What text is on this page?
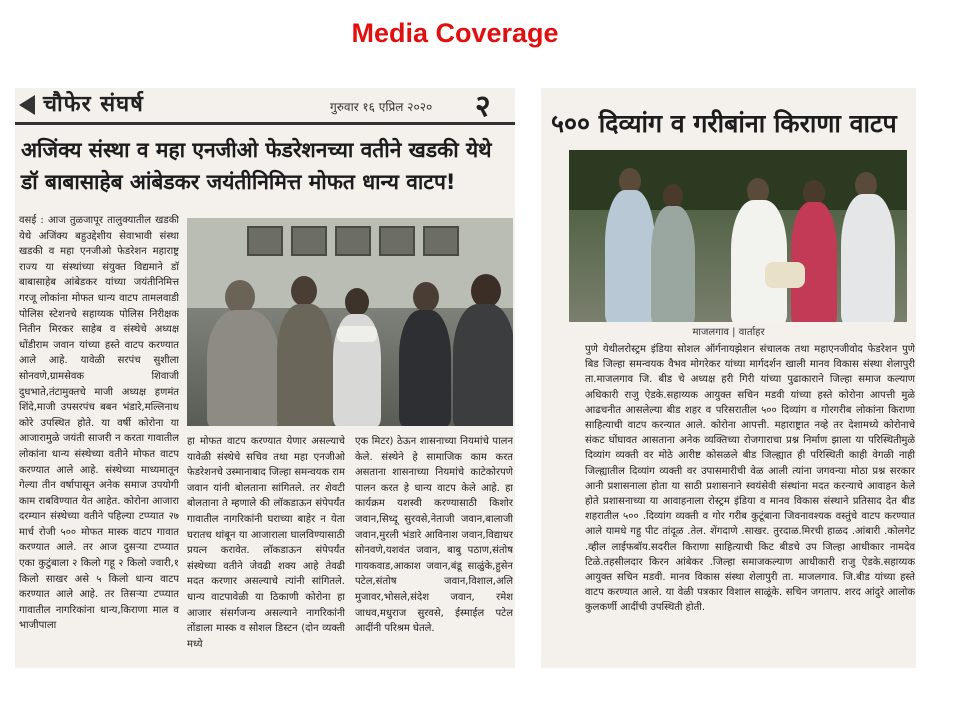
Media Coverage
चौफेर संघर्ष	गुरुवार १६ एप्रिल २०२० २
अजिंक्य संस्था व महा एनजीओ फेडरेशनच्या वतीने खडकी येथे
डॉ बाबासाहेब आंबेडकर जयंतीनिमित्त मोफत धान्य वाटप!
वसई : आज तुळजापूर तालुक्यातील खडकी येथे अजिंक्य बहुउद्देशीय सेवाभावी संस्था खडकी व महा एनजीओ फेडरेशन महाराष्ट्र राज्य या संस्थांच्या संयुक्त विद्यमाने डॉ बाबासाहेब आंबेडकर यांच्या जयंतीनिमित्त गरजू लोकांना मोफत धान्य वाटप तामलवाडी पोलिस स्टेशनचे सहाय्यक पोलिस निरीक्षक नितीन मिरकर साहेब व संस्थेचे अध्यक्ष धोंडीराम जवान यांच्या हस्ते वाटप करण्यात आले आहे. यावेळी सरपंच सुशीला सोनवणे,ग्रामसेवक शिवाजी दुधभाते,तंटामुक्तचे माजी अध्यक्ष हणमंत शिंदे,माजी उपसरपंच बबन भंडारे,मल्लिनाथ कोरे उपस्थित होते. या वर्षी कोरोना या आजारामुळे जयंती साजरी न करता गावातील लोकांना धान्य संस्थेच्या वतीने मोफत वाटप करण्यात आले आहे. संस्थेच्या माध्यमातून गेल्या तीन वर्षापासून अनेक समाज उपयोगी काम राबविण्यात येत आहेत. कोरोना आजारा दरम्यान संस्थेच्या वतीने पहिल्या टप्प्यात २७ मार्च रोजी ५०० मोफत मास्क वाटप गावात करण्यात आले. तर आज दुसर्‍या टप्प्यात एका कुटुंबाला २ किलो गहू २ किलो ज्वारी,१ किलो साखर असे ५ किलो धान्य वाटप करण्यात आले आहे. तर तिसर्‍या टप्प्यात गावातील नागरिकांना धान्य,किराणा माल व भाजीपाला
हा मोफत वाटप करण्यात येणार असल्याचे यावेळी संस्थेचे सचिव तथा महा एनजीओ फेडरेशनचे उस्मानाबाद जिल्हा समन्वयक राम जवान यांनी बोलताना सांगितले. तर शेवटी बोलताना ते म्हणाले की लॉकडाऊन संपेपर्यंत गावातील नागरिकांनी घराच्या बाहेर न येता घरातच थांबून या आजाराला घालविण्यासाठी प्रयत्न करावेत. लॉकडाऊन संपेपर्यंत संस्थेच्या वतीने जेवढी शक्य आहे तेवढी मदत करणार असल्याचे त्यांनी सांगितले. धान्य वाटपावेळी या ठिकाणी कोरोना हा आजार संसर्गजन्य असल्याने नागरिकांनी तोंडाला मास्क व सोशल डिस्टन (दोन व्यक्ती मध्ये
एक मिटर) ठेऊन शासनाच्या नियमांचे पालन केले. संस्थेने हे सामाजिक काम करत असताना शासनाच्या नियमांचे काटेकोरपणे पालन करत हे धान्य वाटप केले आहे. हा कार्यक्रम यशस्वी करण्यासाठी किशोर जवान,सिध्दू सुरवसे,नेताजी जवान,बालाजी जवान,मुरली भंडारे आविनाश जवान,विद्याधर सोनवणे,यशवंत जवान, बाबु पठाण,संतोष गायकवाड,आकाश जवान,बंडू साळुंके,हुसेन पटेल,संतोष जवान,विशाल,अलि मुजावर,भोसले,संदेश जवान, रमेश जाधव,मधुराज सुरवसे, ईस्माईल पटेल आदींनी परिश्रम घेतले.
५०० दिव्यांग व गरीबांना किराणा वाटप
माजलगाव | वार्ताहर
पुणे येथीलरोस्ट्रम इंडिया सोशल ऑर्गनायझेशन संचालक तथा महाएनजीवोद फेडरेशन पुणे बिड जिल्हा समन्वयक वैभव मोगरेकर यांच्या मार्गदर्शन खाली मानव विकास संस्था शेलापुरी ता.माजलगाव जि. बीड चे अध्यक्ष हरी गिरी यांच्या पुढाकाराने जिल्हा समाज कल्याण अधिकारी राजु ऐडके.सहाय्यक आयुक्त सचिन मडवी यांच्या हस्ते कोरोना आपत्ती मुळे आढचनीत आसलेल्या बीड शहर व परिसरातील ५०० दिव्यांग व गोरगरीब लोकांना किराणा साहित्याची वाटप करन्यात आले. कोरोना आपत्ती. महाराष्ट्रात नव्हे तर देशामध्ये कोरोनाचे संकट घोंघावत आसताना अनेक व्यक्तिच्या रोजगाराचा प्रश्न निर्माण झाला या परिस्थितीमुळे दिव्यांग व्यक्ती वर मोठे आरीष्ट कोसळले बीड जिल्ह्यात ही परिस्थिती काही वेगळी नाही जिल्ह्यातील दिव्यांग व्यक्ती वर उपासमारीची वेळ आली त्यांना जगवन्या मोठा प्रश्न सरकार आनी प्रशासनाला होता या साठी प्रशासनाने स्वयंसेवी संस्थांना मदत करन्याचे आवाहन केले होते प्रशासनाच्या या आवाहनाला रोस्ट्रम इंडिया व मानव विकास संस्थाने प्रतिसाद देत बीड शहरातील ५०० .दिव्यांग व्यक्ती व गोर गरीब कुटूंबाना जिवनावश्यक वस्तुंचे वाटप करण्यात आले यामधे गहु पीट तांदूळ .तेल. शेंगदाणे .साखर. तुरदाळ.मिरची हाळद .आंबारी .कोलगेट .व्हील लाईफबॉय.सदरील किराणा साहित्याची किट बीडचे उप जिल्हा आधीकार नामदेव टिळे.तहसीलदार किरन आंबेकर .जिल्हा समाजकल्याण आधीकारी राजु ऐडके.सहाय्यक आयुक्त सचिन मडवी. मानव विकास संस्था शेलापुरी ता. माजलगाव. जि.बीड यांच्या हस्ते वाटप करण्यात आले. या वेळी पत्रकार विशाल साळूंके. सचिन जगताप. शरद आंदुरे आलोक कुलकर्णी आदींची उपस्थिती होती.
